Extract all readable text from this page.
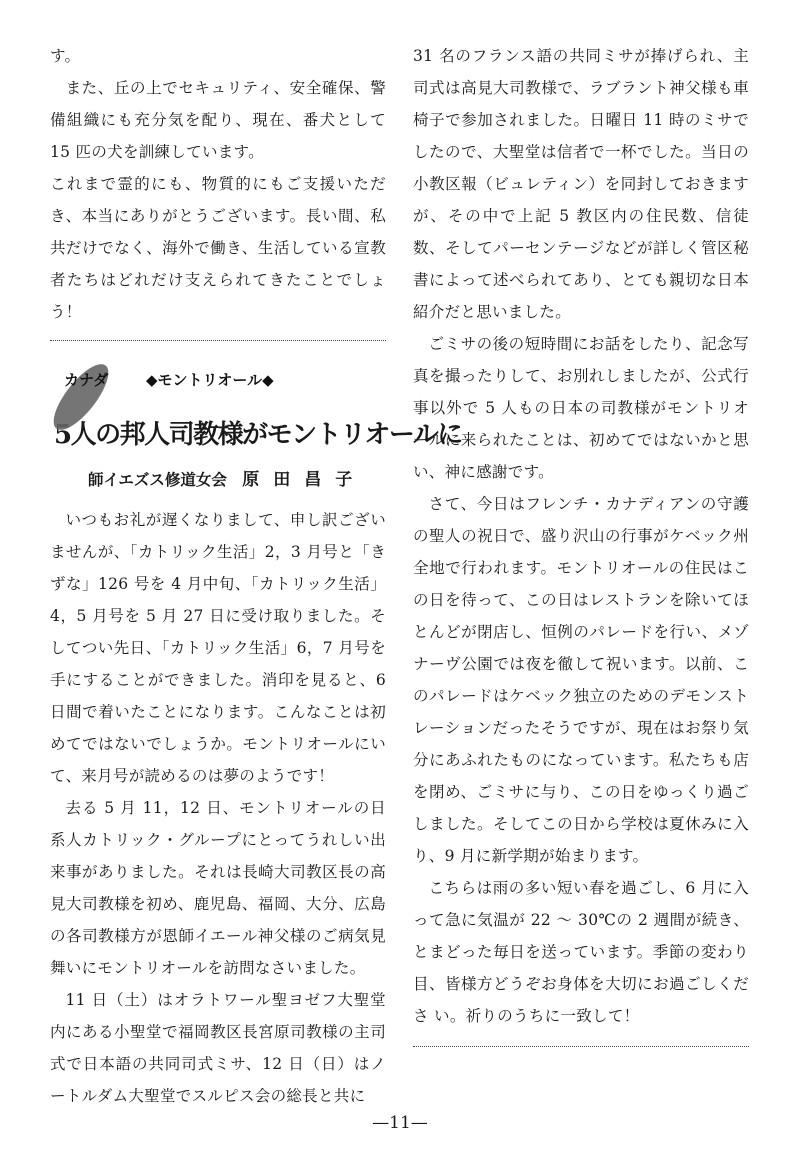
す。

また、丘の上でセキュリティ、安全確保、警備組織にも充分気を配り、現在、番犬として 15 匹の犬を訓練しています。

これまで霊的にも、物質的にもご支援いただき、本当にありがとうございます。長い間、私共だけでなく、海外で働き、生活している宣教者たちはどれだけ支えられてきたことでしょう！

カナダ	◆モントリオール◆
5人の邦人司教様がモントリオールに
師イエズス修道女会 原田昌子

いつもお礼が遅くなりまして、申し訳ございませんが、「カトリック生活」2，3 月号と「きずな」126 号を 4 月中旬、「カトリック生活」4，5 月号を 5 月 27 日に受け取りました。そしてつい先日、「カトリック生活」6，7 月号を手にすることができました。消印を見ると、6 日間で着いたことになります。こんなことは初めてではないでしょうか。モントリオールにいて、来月号が読めるのは夢のようです！

去る 5 月 11，12 日、モントリオールの日系人カトリック・グループにとってうれしい出来事がありました。それは長崎大司教区長の高見大司教様を初め、鹿児島、福岡、大分、広島の各司教様方が恩師イエール神父様のご病気見舞いにモントリオールを訪問なさいました。

11 日（土）はオラトワール聖ヨゼフ大聖堂内にある小聖堂で福岡教区長宮原司教様の主司式で日本語の共同司式ミサ、12 日（日）はノートルダム大聖堂でスルピス会の総長と共に

31 名のフランス語の共同ミサが捧げられ、主司式は高見大司教様で、ラブラント神父様も車椅子で参加されました。日曜日 11 時のミサでしたので、大聖堂は信者で一杯でした。当日の小教区報（ビュレティン）を同封しておきますが、その中で上記 5 教区内の住民数、信徒数、そしてパーセンテージなどが詳しく管区秘書によって述べられてあり、とても親切な日本紹介だと思いました。

ごミサの後の短時間にお話をしたり、記念写真を撮ったりして、お別れしましたが、公式行事以外で 5 人もの日本の司教様がモントリオールに来られたことは、初めてではないかと思い、神に感謝です。

さて、今日はフレンチ・カナディアンの守護の聖人の祝日で、盛り沢山の行事がケベック州全地で行われます。モントリオールの住民はこの日を待って、この日はレストランを除いてほとんどが閉店し、恒例のパレードを行い、メゾナーヴ公園では夜を徹して祝います。以前、このパレードはケベック独立のためのデモンストレーションだったそうですが、現在はお祭り気分にあふれたものになっています。私たちも店を閉め、ごミサに与り、この日をゆっくり過ごしました。そしてこの日から学校は夏休みに入り、9 月に新学期が始まります。

こちらは雨の多い短い春を過ごし、6 月に入って急に気温が 22 ～ 30℃の 2 週間が続き、とまどった毎日を送っています。季節の変わり目、皆様方どうぞお身体を大切にお過ごしくださ い。祈りのうちに一致して！

—11—
